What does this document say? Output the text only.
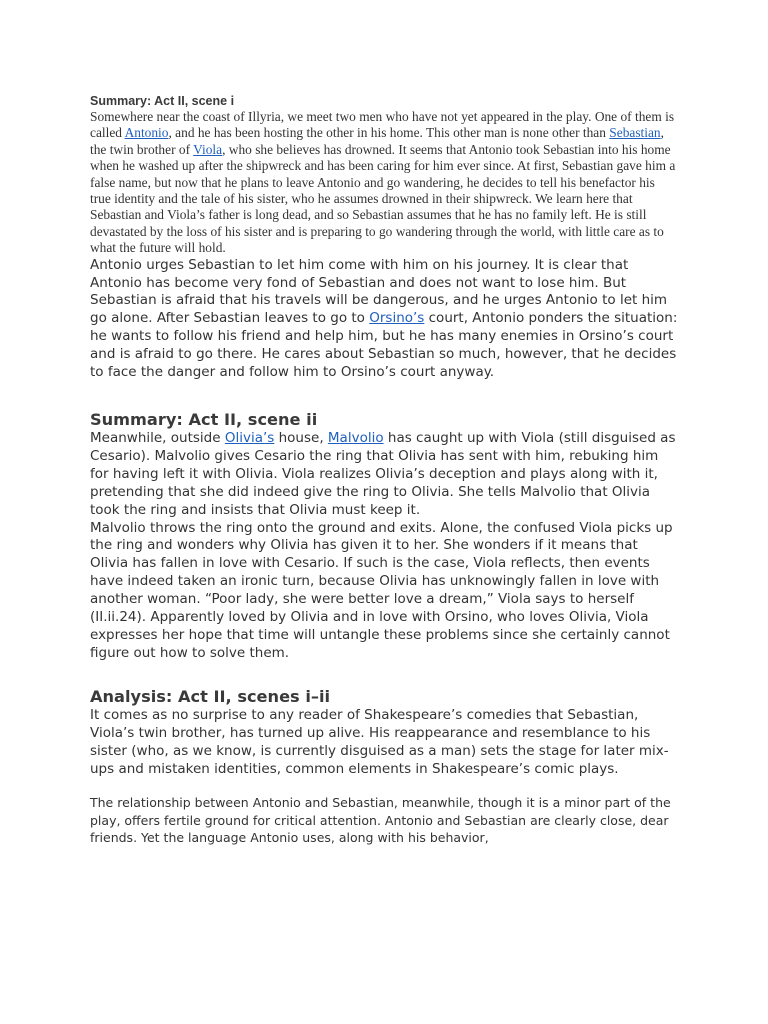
Summary: Act II, scene i

Somewhere near the coast of Illyria, we meet two men who have not yet appeared in the play. One of them is called Antonio, and he has been hosting the other in his home. This other man is none other than Sebastian, the twin brother of Viola, who she believes has drowned. It seems that Antonio took Sebastian into his home when he washed up after the shipwreck and has been caring for him ever since. At first, Sebastian gave him a false name, but now that he plans to leave Antonio and go wandering, he decides to tell his benefactor his true identity and the tale of his sister, who he assumes drowned in their shipwreck. We learn here that Sebastian and Viola’s father is long dead, and so Sebastian assumes that he has no family left. He is still devastated by the loss of his sister and is preparing to go wandering through the world, with little care as to what the future will hold.

Antonio urges Sebastian to let him come with him on his journey. It is clear that Antonio has become very fond of Sebastian and does not want to lose him. But Sebastian is afraid that his travels will be dangerous, and he urges Antonio to let him go alone. After Sebastian leaves to go to Orsino’s court, Antonio ponders the situation: he wants to follow his friend and help him, but he has many enemies in Orsino’s court and is afraid to go there. He cares about Sebastian so much, however, that he decides to face the danger and follow him to Orsino’s court anyway.

Summary: Act II, scene ii

Meanwhile, outside Olivia’s house, Malvolio has caught up with Viola (still disguised as Cesario). Malvolio gives Cesario the ring that Olivia has sent with him, rebuking him for having left it with Olivia. Viola realizes Olivia’s deception and plays along with it, pretending that she did indeed give the ring to Olivia. She tells Malvolio that Olivia took the ring and insists that Olivia must keep it.

Malvolio throws the ring onto the ground and exits. Alone, the confused Viola picks up the ring and wonders why Olivia has given it to her. She wonders if it means that Olivia has fallen in love with Cesario. If such is the case, Viola reflects, then events have indeed taken an ironic turn, because Olivia has unknowingly fallen in love with another woman. “Poor lady, she were better love a dream,” Viola says to herself (II.ii.24). Apparently loved by Olivia and in love with Orsino, who loves Olivia, Viola expresses her hope that time will untangle these problems since she certainly cannot figure out how to solve them.

Analysis: Act II, scenes i–ii

It comes as no surprise to any reader of Shakespeare’s comedies that Sebastian, Viola’s twin brother, has turned up alive. His reappearance and resemblance to his sister (who, as we know, is currently disguised as a man) sets the stage for later mix-ups and mistaken identities, common elements in Shakespeare’s comic plays.

The relationship between Antonio and Sebastian, meanwhile, though it is a minor part of the play, offers fertile ground for critical attention. Antonio and Sebastian are clearly close, dear friends. Yet the language Antonio uses, along with his behavior,
